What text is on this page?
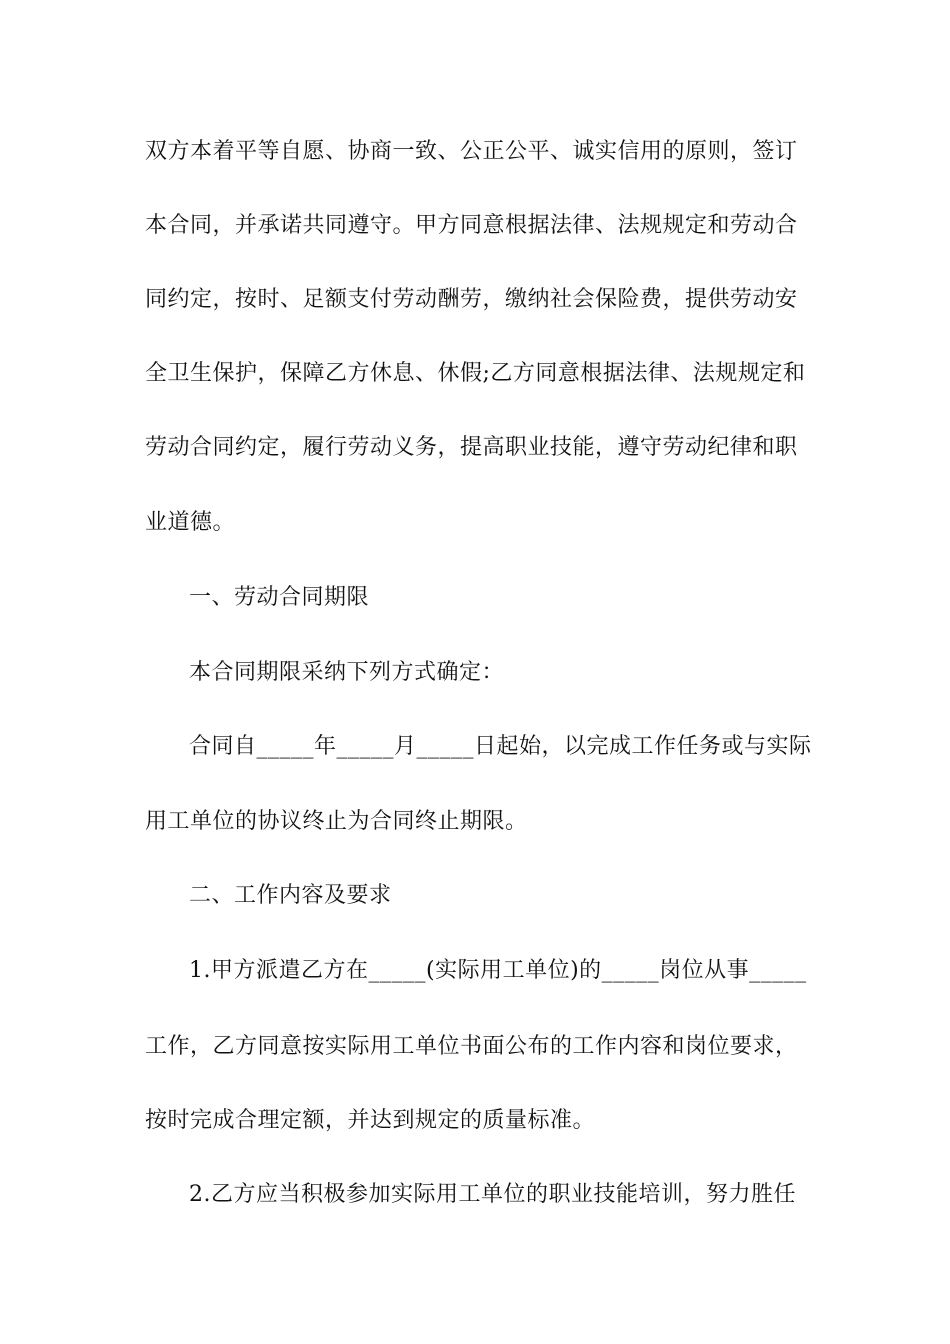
双方本着平等自愿、协商一致、公正公平、诚实信用的原则，签订
本合同，并承诺共同遵守。甲方同意根据法律、法规规定和劳动合
同约定，按时、足额支付劳动酬劳，缴纳社会保险费，提供劳动安
全卫生保护，保障乙方休息、休假;乙方同意根据法律、法规规定和
劳动合同约定，履行劳动义务，提高职业技能，遵守劳动纪律和职
业道德。
一、劳动合同期限
本合同期限采纳下列方式确定：
合同自_____年_____月_____日起始，以完成工作任务或与实际
用工单位的协议终止为合同终止期限。
二、工作内容及要求
1.甲方派遣乙方在_____(实际用工单位)的_____岗位从事_____
工作，乙方同意按实际用工单位书面公布的工作内容和岗位要求，
按时完成合理定额，并达到规定的质量标准。
2.乙方应当积极参加实际用工单位的职业技能培训，努力胜任
